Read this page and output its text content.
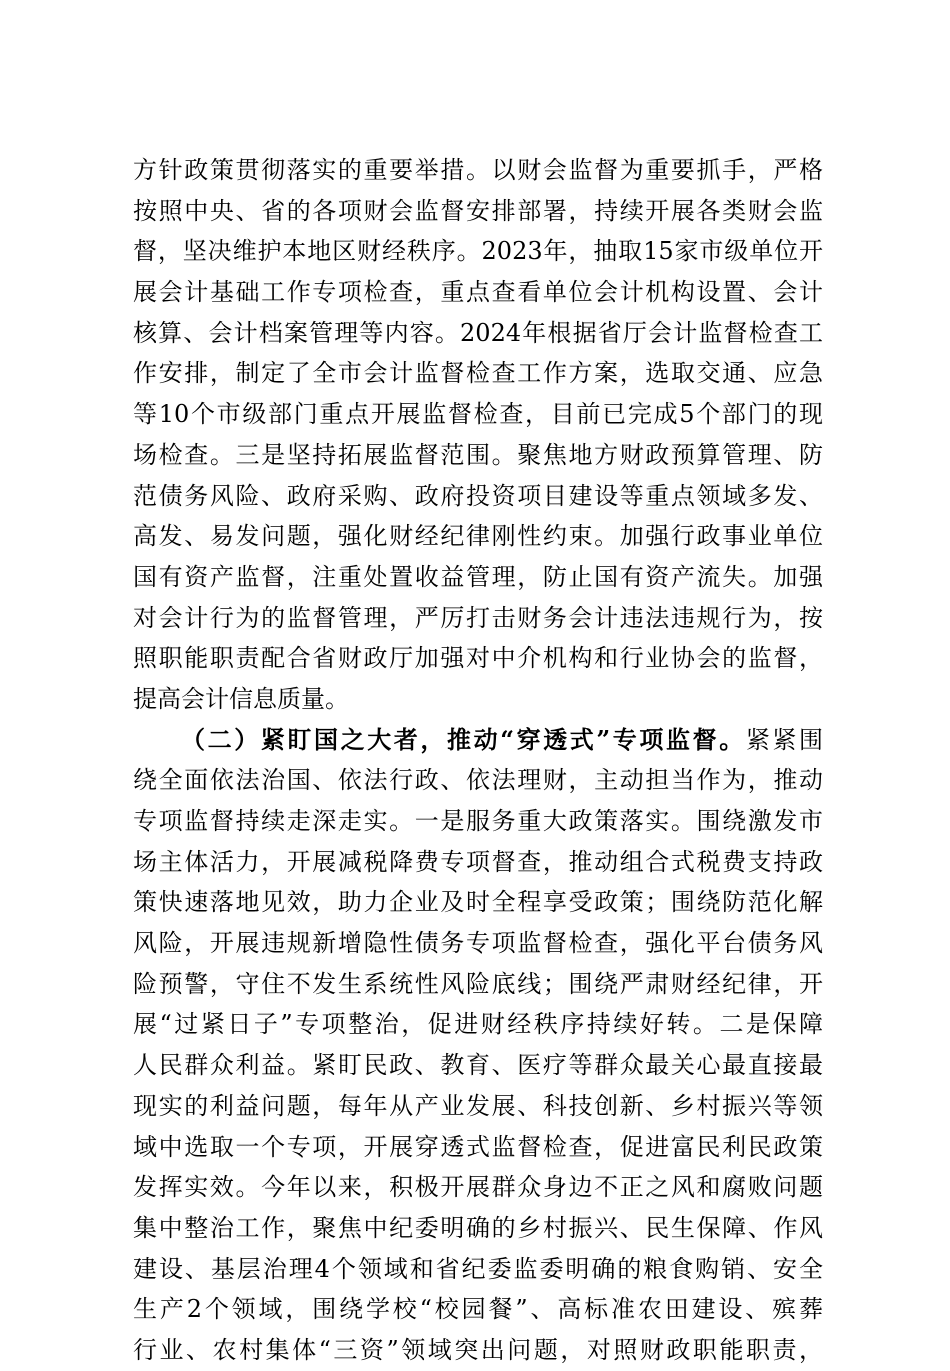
方针政策贯彻落实的重要举措。以财会监督为重要抓手，严格
按照中央、省的各项财会监督安排部署，持续开展各类财会监
督，坚决维护本地区财经秩序。2023年，抽取15家市级单位开
展会计基础工作专项检查，重点查看单位会计机构设置、会计
核算、会计档案管理等内容。2024年根据省厅会计监督检查工
作安排，制定了全市会计监督检查工作方案，选取交通、应急
等10个市级部门重点开展监督检查，目前已完成5个部门的现
场检查。三是坚持拓展监督范围。聚焦地方财政预算管理、防
范债务风险、政府采购、政府投资项目建设等重点领域多发、
高发、易发问题，强化财经纪律刚性约束。加强行政事业单位
国有资产监督，注重处置收益管理，防止国有资产流失。加强
对会计行为的监督管理，严厉打击财务会计违法违规行为，按
照职能职责配合省财政厅加强对中介机构和行业协会的监督，
提高会计信息质量。
（二）紧盯国之大者，推动“穿透式”专项监督。紧紧围
绕全面依法治国、依法行政、依法理财，主动担当作为，推动
专项监督持续走深走实。一是服务重大政策落实。围绕激发市
场主体活力，开展减税降费专项督查，推动组合式税费支持政
策快速落地见效，助力企业及时全程享受政策；围绕防范化解
风险，开展违规新增隐性债务专项监督检查，强化平台债务风
险预警，守住不发生系统性风险底线；围绕严肃财经纪律，开
展“过紧日子”专项整治，促进财经秩序持续好转。二是保障
人民群众利益。紧盯民政、教育、医疗等群众最关心最直接最
现实的利益问题，每年从产业发展、科技创新、乡村振兴等领
域中选取一个专项，开展穿透式监督检查，促进富民利民政策
发挥实效。今年以来，积极开展群众身边不正之风和腐败问题
集中整治工作，聚焦中纪委明确的乡村振兴、民生保障、作风
建设、基层治理4个领域和省纪委监委明确的粮食购销、安全
生产2个领域，围绕学校“校园餐”、高标准农田建设、殡葬
行业、农村集体“三资”领域突出问题，对照财政职能职责，
